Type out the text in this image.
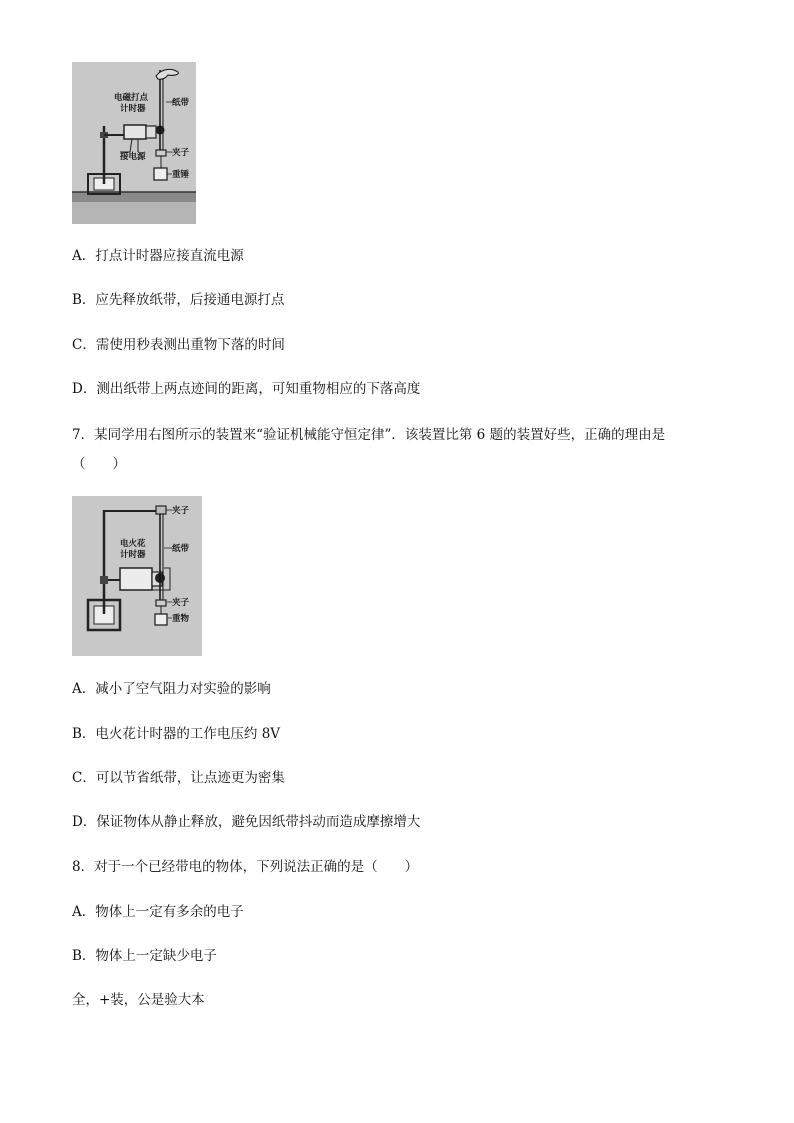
电磁打点
计时器
纸带
接电源	夹子
重锤
A．打点计时器应接直流电源
B．应先释放纸带，后接通电源打点
C．需使用秒表测出重物下落的时间
D．测出纸带上两点迹间的距离，可知重物相应的下落高度
7．某同学用右图所示的装置来“验证机械能守恒定律”．该装置比第 6 题的装置好些，正确的理由是
（　　）
夹子
电火花
计时器
纸带
夹子
重物
A．减小了空气阻力对实验的影响
B．电火花计时器的工作电压约 8V
C．可以节省纸带，让点迹更为密集
D．保证物体从静止释放，避免因纸带抖动而造成摩擦增大
8．对于一个已经带电的物体，下列说法正确的是（　　）
A．物体上一定有多余的电子
B．物体上一定缺少电子
全，+装，公是验大本
